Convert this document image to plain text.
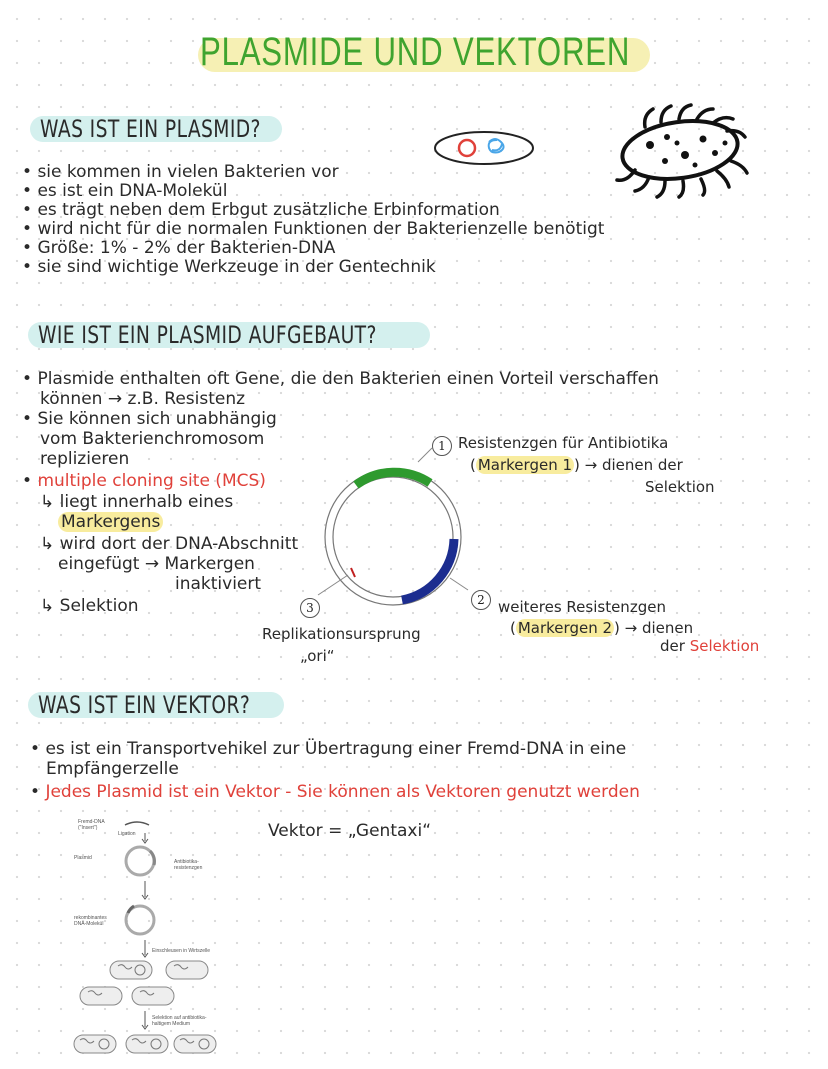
PLASMIDE UND VEKTOREN
WAS IST EIN PLASMID?
• sie kommen in vielen Bakterien vor
• es ist ein DNA-Molekül
• es trägt neben dem Erbgut zusätzliche Erbinformation
• wird nicht für die normalen Funktionen der Bakterienzelle benötigt
• Größe: 1% - 2% der Bakterien-DNA
• sie sind wichtige Werkzeuge in der Gentechnik
WIE IST EIN PLASMID AUFGEBAUT?
• Plasmide enthalten oft Gene, die den Bakterien einen Vorteil verschaffen
können → z.B. Resistenz
• Sie können sich unabhängig
vom Bakterienchromosom
replizieren
• multiple cloning site (MCS)
↳ liegt innerhalb eines
Markergens
↳ wird dort der DNA-Abschnitt
eingefügt → Markergen
inaktiviert
↳ Selektion
1 Resistenzgen für Antibiotika
( Markergen 1 ) → dienen der
Selektion
2 weiteres Resistenzgen
( Markergen 2 ) → dienen
der Selektion
3
Replikationsursprung
„ori“
WAS IST EIN VEKTOR?
• es ist ein Transportvehikel zur Übertragung einer Fremd-DNA in eine
Empfängerzelle
• Jedes Plasmid ist ein Vektor - Sie können als Vektoren genutzt werden
Vektor = „Gentaxi“
Fremd-DNA
("Insert")
Ligation
Plasmid
Antibiotika-
resistenzgen
rekombinantes
DNA-Molekül
Einschleusen in Wirtszelle
Selektion auf antibiotika-
haltigem Medium
